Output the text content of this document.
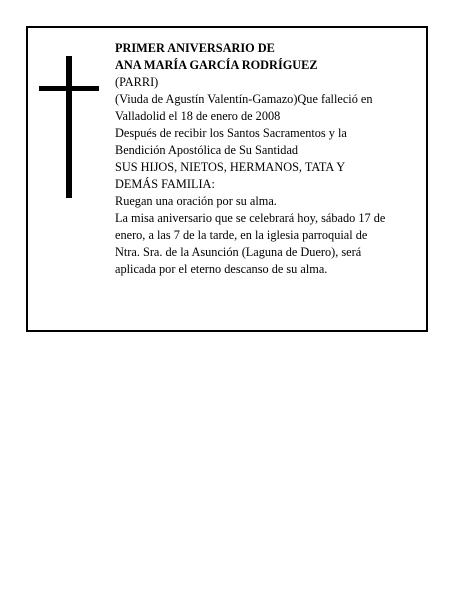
PRIMER ANIVERSARIO DE

ANA MARÍA GARCÍA RODRÍGUEZ

(PARRI)

(Viuda de Agustín Valentín-Gamazo)Que falleció en

Valladolid el 18 de enero de 2008

Después de recibir los Santos Sacramentos y la

Bendición Apostólica de Su Santidad

SUS HIJOS, NIETOS, HERMANOS, TATA Y

DEMÁS FAMILIA:

Ruegan una oración por su alma.

La misa aniversario que se celebrará hoy, sábado 17 de

enero, a las 7 de la tarde, en la iglesia parroquial de

Ntra. Sra. de la Asunción (Laguna de Duero), será

aplicada por el eterno descanso de su alma.
